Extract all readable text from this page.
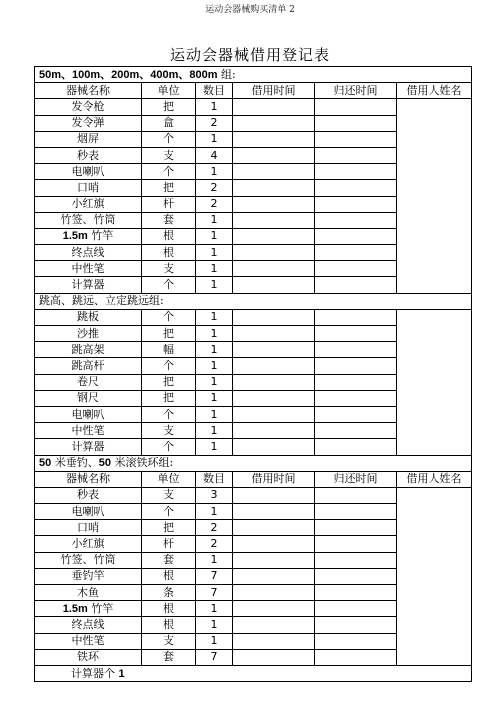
运动会器械购买清单 2
运动会器械借用登记表
50m、100m、200m、400m、800m 组:					
器械名称	单位	数目	借用时间	归还时间	借用人姓名
发令枪	把	1			
发令弹	盒	2			
烟屏	个	1			
秒表	支	4			
电喇叭	个	1			
口哨	把	2			
小红旗	杆	2			
竹签、竹筒	套	1			
1.5m 竹竿	根	1			
终点线	根	1			
中性笔	支	1			
计算器	个	1			
跳高、跳远、立定跳远组:					
跳板	个	1			
沙推	把	1			
跳高架	幅	1			
跳高杆	个	1			
卷尺	把	1			
钢尺	把	1			
电喇叭	个	1			
中性笔	支	1			
计算器	个	1			
50 米垂钓、50 米滚铁环组:					
器械名称	单位	数目	借用时间	归还时间	借用人姓名
秒表	支	3			
电喇叭	个	1			
口哨	把	2			
小红旗	杆	2			
竹签、竹筒	套	1			
垂钓竿	根	7			
木鱼	条	7			
1.5m 竹竿	根	1			
终点线	根	1			
中性笔	支	1			
铁环	套	7			
计算器个 1					
